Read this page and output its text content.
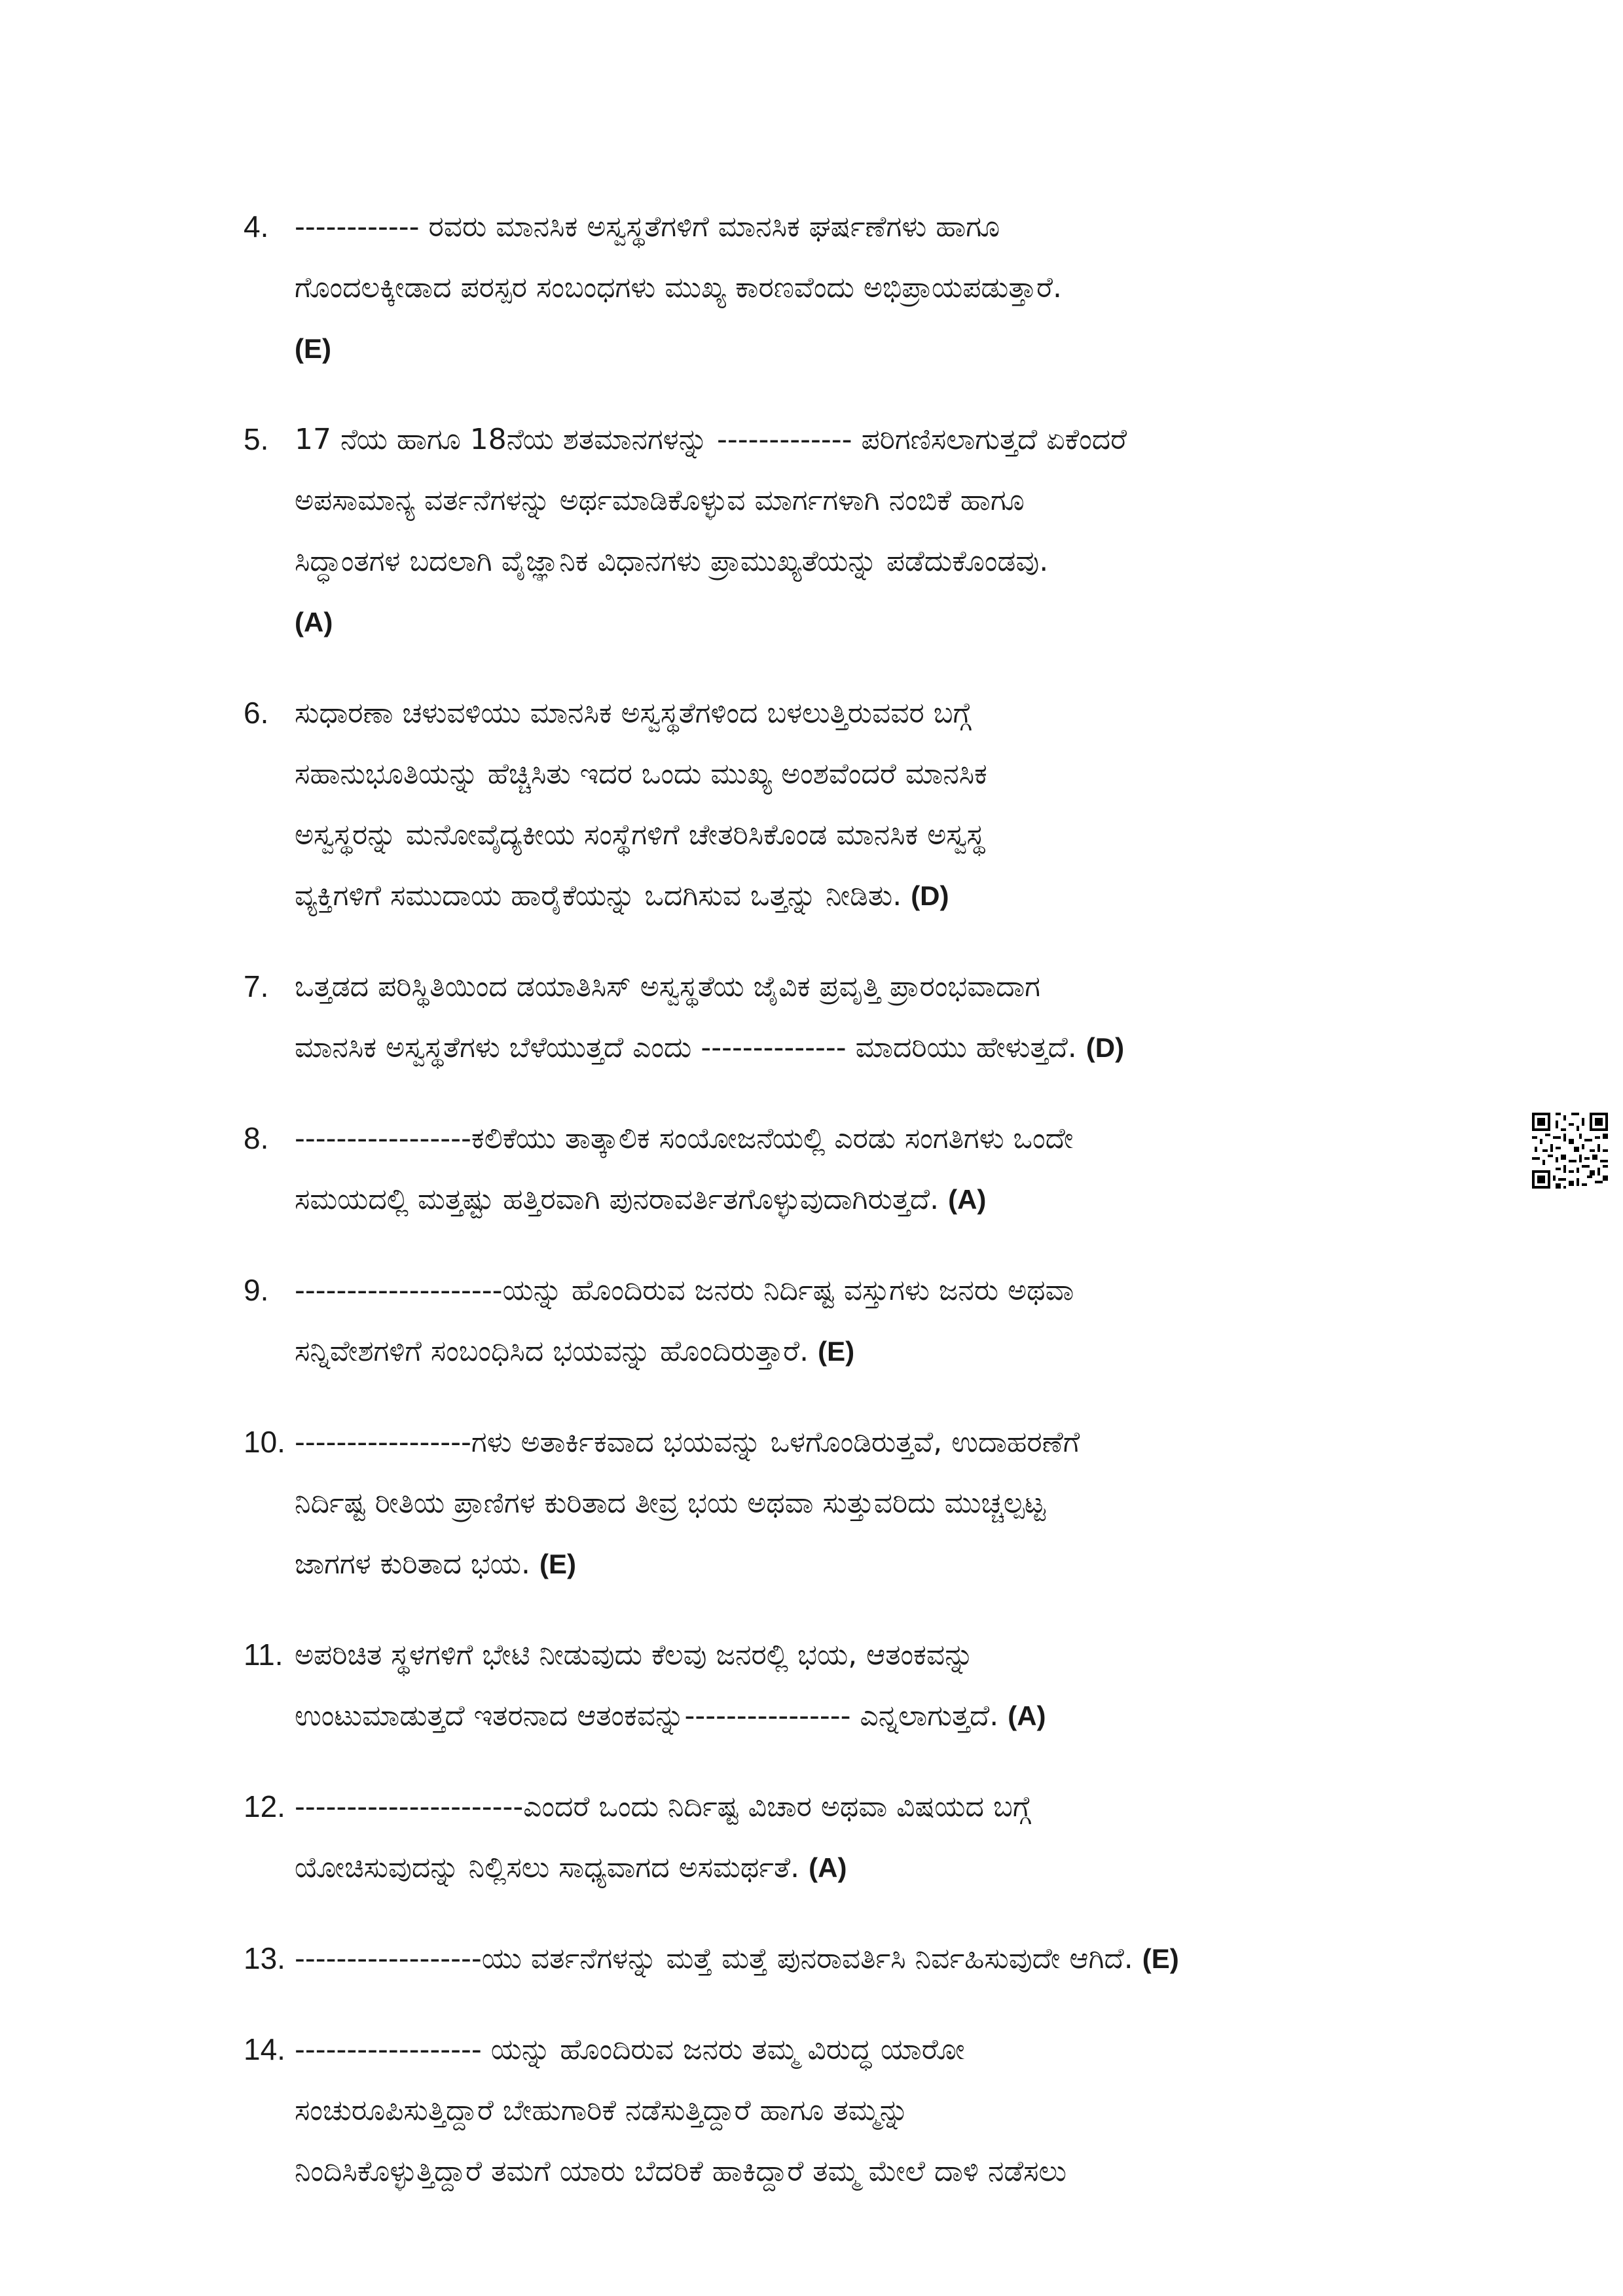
4. ------------ ರವರು ಮಾನಸಿಕ ಅಸ್ವಸ್ಥತೆಗಳಿಗೆ ಮಾನಸಿಕ ಘರ್ಷಣೆಗಳು ಹಾಗೂ
ಗೊಂದಲಕ್ಕೀಡಾದ ಪರಸ್ಪರ ಸಂಬಂಧಗಳು ಮುಖ್ಯ ಕಾರಣವೆಂದು ಅಭಿಪ್ರಾಯಪಡುತ್ತಾರೆ.
(E)
5. 17 ನೆಯ ಹಾಗೂ 18ನೆಯ ಶತಮಾನಗಳನ್ನು ------------- ಪರಿಗಣಿಸಲಾಗುತ್ತದೆ ಏಕೆಂದರೆ
ಅಪಸಾಮಾನ್ಯ ವರ್ತನೆಗಳನ್ನು ಅರ್ಥಮಾಡಿಕೊಳ್ಳುವ ಮಾರ್ಗಗಳಾಗಿ ನಂಬಿಕೆ ಹಾಗೂ
ಸಿದ್ಧಾಂತಗಳ ಬದಲಾಗಿ ವೈಜ್ಞಾನಿಕ ವಿಧಾನಗಳು ಪ್ರಾಮುಖ್ಯತೆಯನ್ನು ಪಡೆದುಕೊಂಡವು.
(A)
6. ಸುಧಾರಣಾ ಚಳುವಳಿಯು ಮಾನಸಿಕ ಅಸ್ವಸ್ಥತೆಗಳಿಂದ ಬಳಲುತ್ತಿರುವವರ ಬಗ್ಗೆ
ಸಹಾನುಭೂತಿಯನ್ನು ಹೆಚ್ಚಿಸಿತು ಇದರ ಒಂದು ಮುಖ್ಯ ಅಂಶವೆಂದರೆ ಮಾನಸಿಕ
ಅಸ್ವಸ್ಥರನ್ನು ಮನೋವೈದ್ಯಕೀಯ ಸಂಸ್ಥೆಗಳಿಗೆ ಚೇತರಿಸಿಕೊಂಡ ಮಾನಸಿಕ ಅಸ್ವಸ್ಥ
ವ್ಯಕ್ತಿಗಳಿಗೆ ಸಮುದಾಯ ಹಾರೈಕೆಯನ್ನು ಒದಗಿಸುವ ಒತ್ತನ್ನು ನೀಡಿತು. (D)
7. ಒತ್ತಡದ ಪರಿಸ್ಥಿತಿಯಿಂದ ಡಯಾತಿಸಿಸ್ ಅಸ್ವಸ್ಥತೆಯ ಜೈವಿಕ ಪ್ರವೃತ್ತಿ ಪ್ರಾರಂಭವಾದಾಗ
ಮಾನಸಿಕ ಅಸ್ವಸ್ಥತೆಗಳು ಬೆಳೆಯುತ್ತದೆ ಎಂದು -------------- ಮಾದರಿಯು ಹೇಳುತ್ತದೆ. (D)
8. -----------------ಕಲಿಕೆಯು ತಾತ್ಕಾಲಿಕ ಸಂಯೋಜನೆಯಲ್ಲಿ ಎರಡು ಸಂಗತಿಗಳು ಒಂದೇ
ಸಮಯದಲ್ಲಿ ಮತ್ತಷ್ಟು ಹತ್ತಿರವಾಗಿ ಪುನರಾವರ್ತಿತಗೊಳ್ಳುವುದಾಗಿರುತ್ತದೆ. (A)
9. --------------------ಯನ್ನು ಹೊಂದಿರುವ ಜನರು ನಿರ್ದಿಷ್ಟ ವಸ್ತುಗಳು ಜನರು ಅಥವಾ
ಸನ್ನಿವೇಶಗಳಿಗೆ ಸಂಬಂಧಿಸಿದ ಭಯವನ್ನು ಹೊಂದಿರುತ್ತಾರೆ. (E)
10. -----------------ಗಳು ಅತಾರ್ಕಿಕವಾದ ಭಯವನ್ನು ಒಳಗೊಂಡಿರುತ್ತವೆ, ಉದಾಹರಣೆಗೆ
ನಿರ್ದಿಷ್ಟ ರೀತಿಯ ಪ್ರಾಣಿಗಳ ಕುರಿತಾದ ತೀವ್ರ ಭಯ ಅಥವಾ ಸುತ್ತುವರಿದು ಮುಚ್ಚಲ್ಪಟ್ಟ
ಜಾಗಗಳ ಕುರಿತಾದ ಭಯ. (E)
11. ಅಪರಿಚಿತ ಸ್ಥಳಗಳಿಗೆ ಭೇಟಿ ನೀಡುವುದು ಕೆಲವು ಜನರಲ್ಲಿ ಭಯ, ಆತಂಕವನ್ನು
ಉಂಟುಮಾಡುತ್ತದೆ ಇತರನಾದ ಆತಂಕವನ್ನು---------------- ಎನ್ನಲಾಗುತ್ತದೆ. (A)
12. ----------------------ಎಂದರೆ ಒಂದು ನಿರ್ದಿಷ್ಟ ವಿಚಾರ ಅಥವಾ ವಿಷಯದ ಬಗ್ಗೆ
ಯೋಚಿಸುವುದನ್ನು ನಿಲ್ಲಿಸಲು ಸಾಧ್ಯವಾಗದ ಅಸಮರ್ಥತೆ. (A)
13. ------------------ಯು ವರ್ತನೆಗಳನ್ನು ಮತ್ತೆ ಮತ್ತೆ ಪುನರಾವರ್ತಿಸಿ ನಿರ್ವಹಿಸುವುದೇ ಆಗಿದೆ. (E)
14. ------------------ ಯನ್ನು ಹೊಂದಿರುವ ಜನರು ತಮ್ಮ ವಿರುದ್ಧ ಯಾರೋ
ಸಂಚುರೂಪಿಸುತ್ತಿದ್ದಾರೆ ಬೇಹುಗಾರಿಕೆ ನಡೆಸುತ್ತಿದ್ದಾರೆ ಹಾಗೂ ತಮ್ಮನ್ನು
ನಿಂದಿಸಿಕೊಳ್ಳುತ್ತಿದ್ದಾರೆ ತಮಗೆ ಯಾರು ಬೆದರಿಕೆ ಹಾಕಿದ್ದಾರೆ ತಮ್ಮ ಮೇಲೆ ದಾಳಿ ನಡೆಸಲು
